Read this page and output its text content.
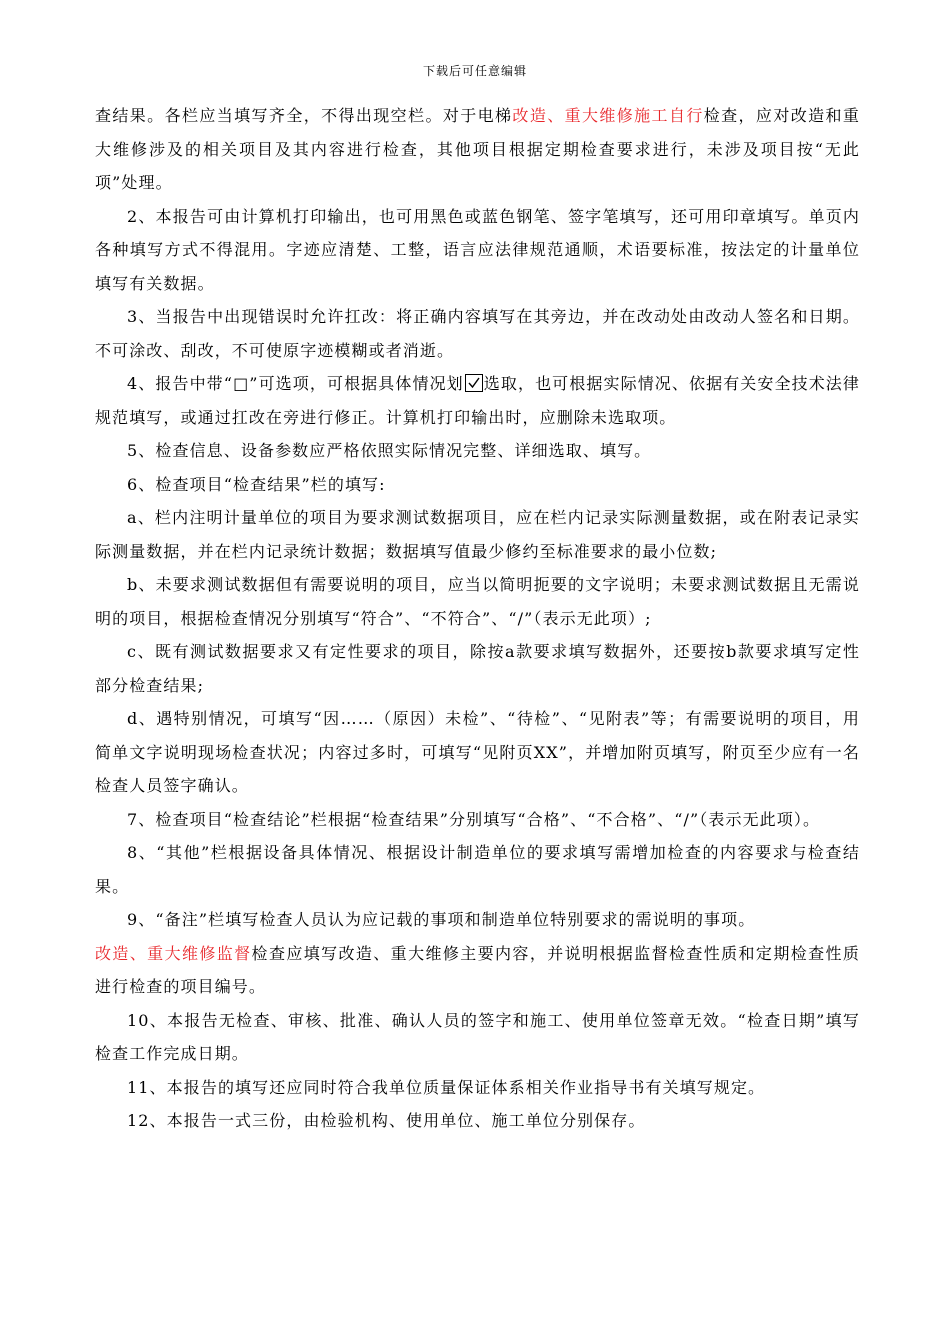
下载后可任意编辑

查结果。各栏应当填写齐全，不得出现空栏。对于电梯改造、重大维修施工自行检查，应对改造和重大维修涉及的相关项目及其内容进行检查，其他项目根据定期检查要求进行，未涉及项目按“无此项”处理。

2、本报告可由计算机打印输出，也可用黑色或蓝色钢笔、签字笔填写，还可用印章填写。单页内各种填写方式不得混用。字迹应清楚、工整，语言应法律规范通顺，术语要标准，按法定的计量单位填写有关数据。

3、当报告中出现错误时允许扛改：将正确内容填写在其旁边，并在改动处由改动人签名和日期。不可涂改、刮改，不可使原字迹模糊或者消逝。

4、报告中带“□”可选项，可根据具体情况划 选取，也可根据实际情况、依据有关安全技术法律规范填写，或通过扛改在旁进行修正。计算机打印输出时，应删除未选取项。

5、检查信息、设备参数应严格依照实际情况完整、详细选取、填写。

6、检查项目“检查结果”栏的填写:

a、栏内注明计量单位的项目为要求测试数据项目，应在栏内记录实际测量数据，或在附表记录实际测量数据，并在栏内记录统计数据；数据填写值最少修约至标准要求的最小位数;

b、未要求测试数据但有需要说明的项目，应当以简明扼要的文字说明；未要求测试数据且无需说明的项目，根据检查情况分别填写“符合”、“不符合”、“/”（表示无此项）;

c、既有测试数据要求又有定性要求的项目，除按a款要求填写数据外，还要按b款要求填写定性部分检查结果;

d、遇特别情况，可填写“因……（原因）未检”、“待检”、“见附表”等；有需要说明的项目，用简单文字说明现场检查状况；内容过多时，可填写“见附页XX”，并增加附页填写，附页至少应有一名检查人员签字确认。

7、检查项目“检查结论”栏根据“检查结果”分别填写“合格”、“不合格”、“/”（表示无此项）。

8、“其他”栏根据设备具体情况、根据设计制造单位的要求填写需增加检查的内容要求与检查结果。

9、“备注”栏填写检查人员认为应记载的事项和制造单位特别要求的需说明的事项。

改造、重大维修监督检查应填写改造、重大维修主要内容，并说明根据监督检查性质和定期检查性质进行检查的项目编号。

10、本报告无检查、审核、批准、确认人员的签字和施工、使用单位签章无效。“检查日期”填写检查工作完成日期。

11、本报告的填写还应同时符合我单位质量保证体系相关作业指导书有关填写规定。

12、本报告一式三份，由检验机构、使用单位、施工单位分别保存。
